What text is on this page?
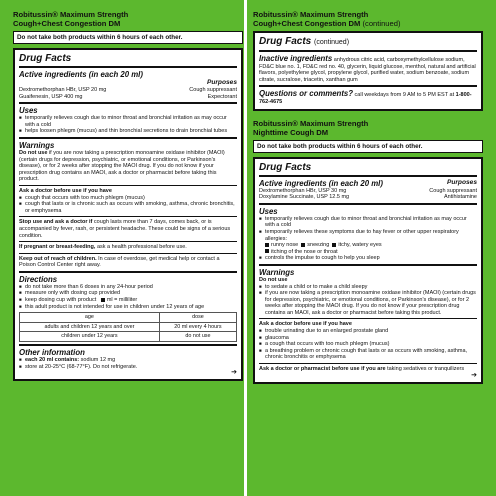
Robitussin® Maximum Strength
Cough+Chest Congestion DM
Do not take both products within 6 hours of each other.
Drug Facts
Active ingredients (in each 20 ml)
Purposes
Dextromethorphan HBr, USP 20 mg	Cough suppressant
Guaifenesin, USP 400 mg	Expectorant
Uses
■ temporarily relieves cough due to minor throat and bronchial irritation as may occur with a cold
■ helps loosen phlegm (mucus) and thin bronchial secretions to drain bronchial tubes
Warnings
Do not use if you are now taking a prescription monoamine oxidase inhibitor (MAOI) (certain drugs for depression, psychiatric, or emotional conditions, or Parkinson's disease), or for 2 weeks after stopping the MAOI drug. If you do not know if your prescription drug contains an MAOI, ask a doctor or pharmacist before taking this product.
Ask a doctor before use if you have
■ cough that occurs with too much phlegm (mucus)
■ cough that lasts or is chronic such as occurs with smoking, asthma, chronic bronchitis, or emphysema
Stop use and ask a doctor if cough lasts more than 7 days, comes back, or is accompanied by fever, rash, or persistent headache. These could be signs of a serious condition.
If pregnant or breast-feeding, ask a health professional before use.
Keep out of reach of children. In case of overdose, get medical help or contact a Poison Control Center right away.
Directions
■ do not take more than 6 doses in any 24-hour period
■ measure only with dosing cup provided
■ keep dosing cup with product ml = milliliter
■ this adult product is not intended for use in children under 12 years of age
age	dose
adults and children 12 years and over	20 ml every 4 hours
children under 12 years	do not use
Other information
■ each 20 ml contains: sodium 12 mg
■ store at 20-25°C (68-77°F). Do not refrigerate.
➔
Robitussin® Maximum Strength
Cough+Chest Congestion DM (continued)
Drug Facts (continued)
Inactive ingredients anhydrous citric acid, carboxymethylcellulose sodium, FD&C blue no. 1, FD&C red no. 40, glycerin, liquid glucose, menthol, natural and artificial flavors, polyethylene glycol, propylene glycol, purified water, sodium benzoate, sodium citrate, sucralose, triacetin, xanthan gum
Questions or comments? call weekdays from 9 AM to 5 PM EST at 1-800-762-4675
Robitussin® Maximum Strength
Nighttime Cough DM
Do not take both products within 6 hours of each other.
Drug Facts
Active ingredients (in each 20 ml)	Purposes
Dextromethorphan HBr, USP 30 mg	Cough suppressant
Doxylamine Succinate, USP 12.5 mg	Antihistamine
Uses
■ temporarily relieves cough due to minor throat and bronchial irritation as may occur with a cold
■ temporarily relieves these symptoms due to hay fever or other upper respiratory allergies:
runny nose sneezing itchy, watery eyes
itching of the nose or throat
■ controls the impulse to cough to help you sleep
Warnings
Do not use
■ to sedate a child or to make a child sleepy
■ if you are now taking a prescription monoamine oxidase inhibitor (MAOI) (certain drugs for depression, psychiatric, or emotional conditions, or Parkinson's disease), or for 2 weeks after stopping the MAOI drug. If you do not know if your prescription drug contains an MAOI, ask a doctor or pharmacist before taking this product.
Ask a doctor before use if you have
■ trouble urinating due to an enlarged prostate gland
■ glaucoma
■ a cough that occurs with too much phlegm (mucus)
■ a breathing problem or chronic cough that lasts or as occurs with smoking, asthma, chronic bronchitis or emphysema
Ask a doctor or pharmacist before use if you are taking sedatives or tranquilizers
➔
